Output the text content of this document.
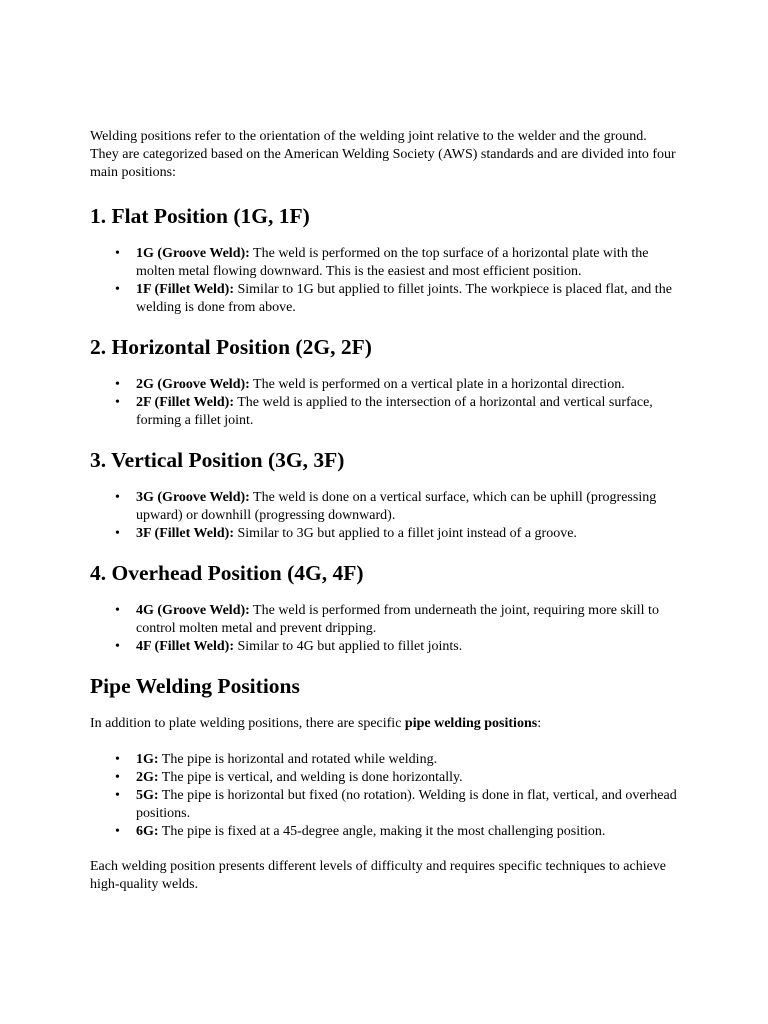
Welding positions refer to the orientation of the welding joint relative to the welder and the ground. They are categorized based on the American Welding Society (AWS) standards and are divided into four main positions:

1. Flat Position (1G, 1F)
• 1G (Groove Weld): The weld is performed on the top surface of a horizontal plate with the molten metal flowing downward. This is the easiest and most efficient position.
• 1F (Fillet Weld): Similar to 1G but applied to fillet joints. The workpiece is placed flat, and the welding is done from above.
2. Horizontal Position (2G, 2F)
• 2G (Groove Weld): The weld is performed on a vertical plate in a horizontal direction.
• 2F (Fillet Weld): The weld is applied to the intersection of a horizontal and vertical surface, forming a fillet joint.
3. Vertical Position (3G, 3F)
• 3G (Groove Weld): The weld is done on a vertical surface, which can be uphill (progressing upward) or downhill (progressing downward).
• 3F (Fillet Weld): Similar to 3G but applied to a fillet joint instead of a groove.
4. Overhead Position (4G, 4F)
• 4G (Groove Weld): The weld is performed from underneath the joint, requiring more skill to control molten metal and prevent dripping.
• 4F (Fillet Weld): Similar to 4G but applied to fillet joints.
Pipe Welding Positions

In addition to plate welding positions, there are specific pipe welding positions:

• 1G: The pipe is horizontal and rotated while welding.
• 2G: The pipe is vertical, and welding is done horizontally.
• 5G: The pipe is horizontal but fixed (no rotation). Welding is done in flat, vertical, and overhead positions.
• 6G: The pipe is fixed at a 45-degree angle, making it the most challenging position.

Each welding position presents different levels of difficulty and requires specific techniques to achieve high-quality welds.
